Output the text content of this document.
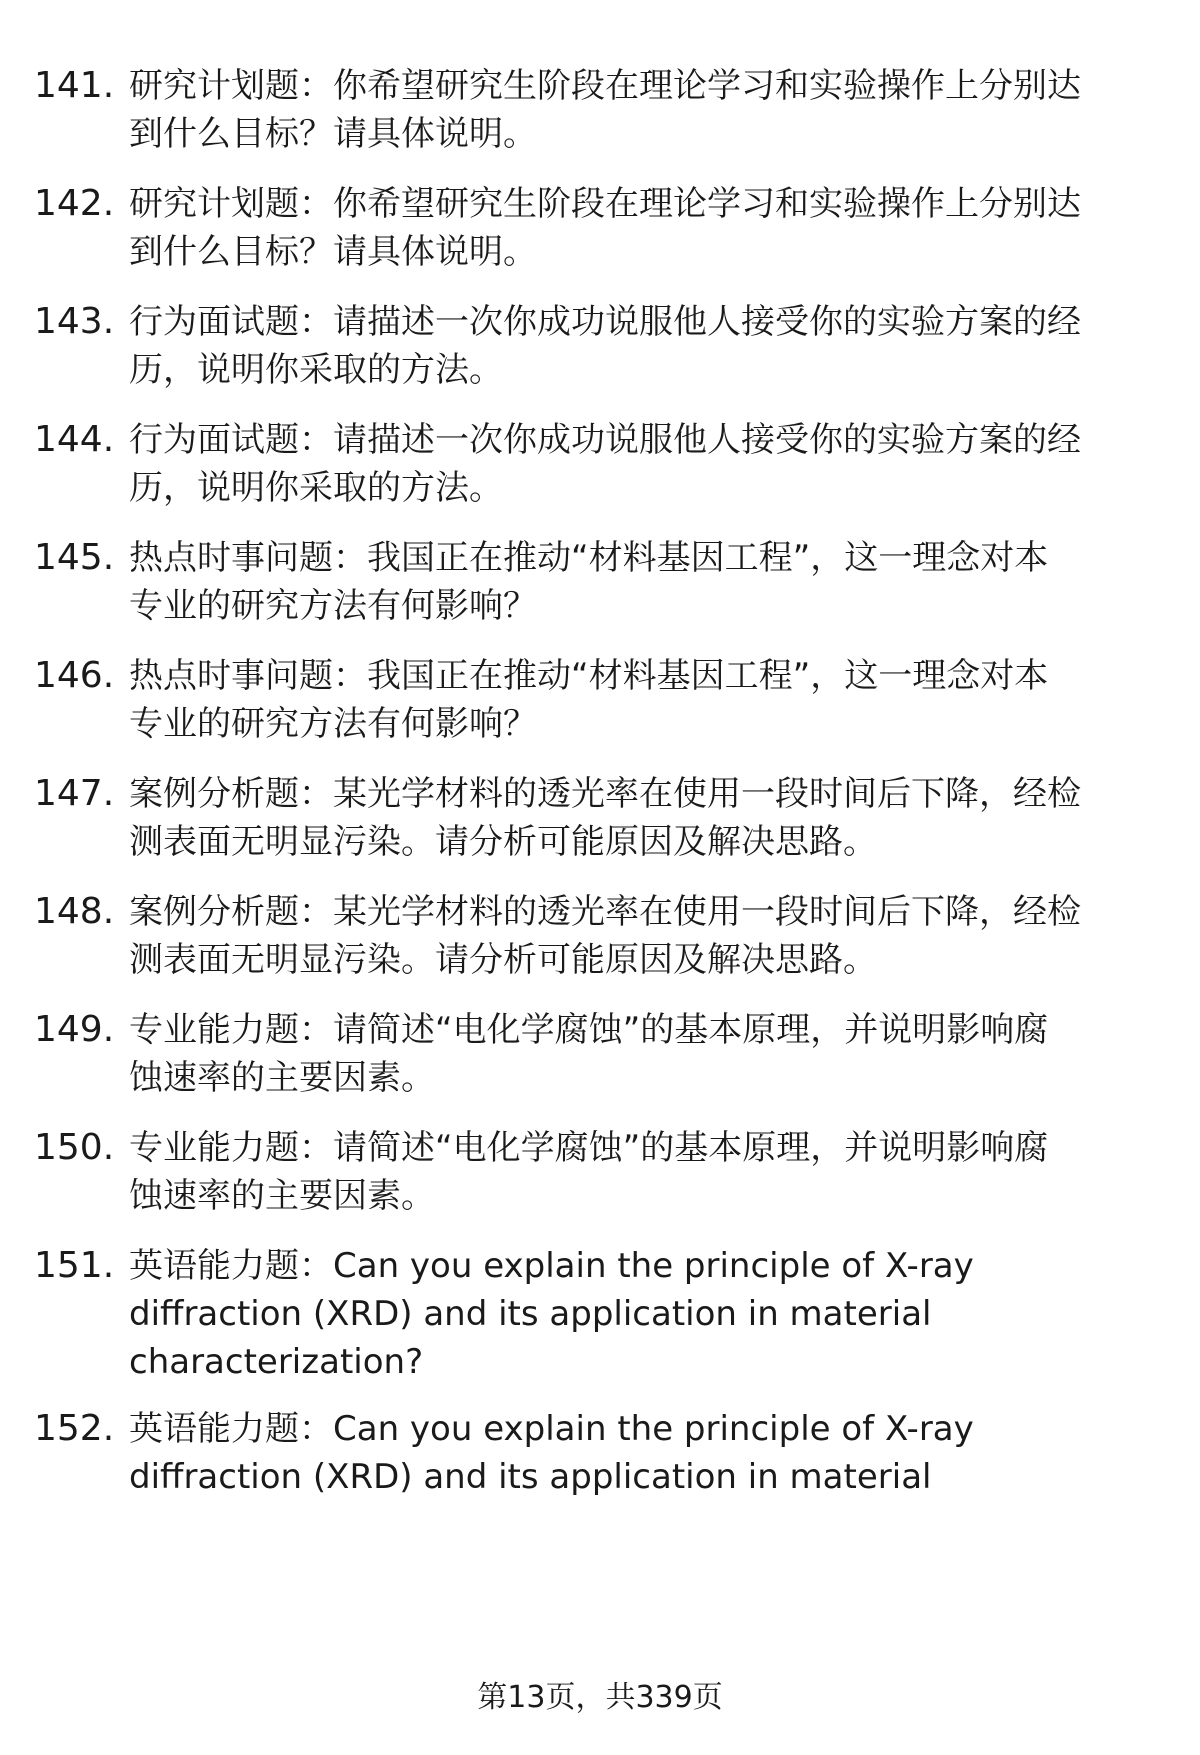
141. 研究计划题：你希望研究生阶段在理论学习和实验操作上分别达
到什么目标？请具体说明。
142. 研究计划题：你希望研究生阶段在理论学习和实验操作上分别达
到什么目标？请具体说明。
143. 行为面试题：请描述一次你成功说服他人接受你的实验方案的经
历，说明你采取的方法。
144. 行为面试题：请描述一次你成功说服他人接受你的实验方案的经
历，说明你采取的方法。
145. 热点时事问题：我国正在推动“材料基因工程”，这一理念对本
专业的研究方法有何影响？
146. 热点时事问题：我国正在推动“材料基因工程”，这一理念对本
专业的研究方法有何影响？
147. 案例分析题：某光学材料的透光率在使用一段时间后下降，经检
测表面无明显污染。请分析可能原因及解决思路。
148. 案例分析题：某光学材料的透光率在使用一段时间后下降，经检
测表面无明显污染。请分析可能原因及解决思路。
149. 专业能力题：请简述“电化学腐蚀”的基本原理，并说明影响腐
蚀速率的主要因素。
150. 专业能力题：请简述“电化学腐蚀”的基本原理，并说明影响腐
蚀速率的主要因素。
151. 英语能力题：Can you explain the principle of X-ray
diffraction (XRD) and its application in material
characterization?
152. 英语能力题：Can you explain the principle of X-ray
diffraction (XRD) and its application in material
第13页，共339页
